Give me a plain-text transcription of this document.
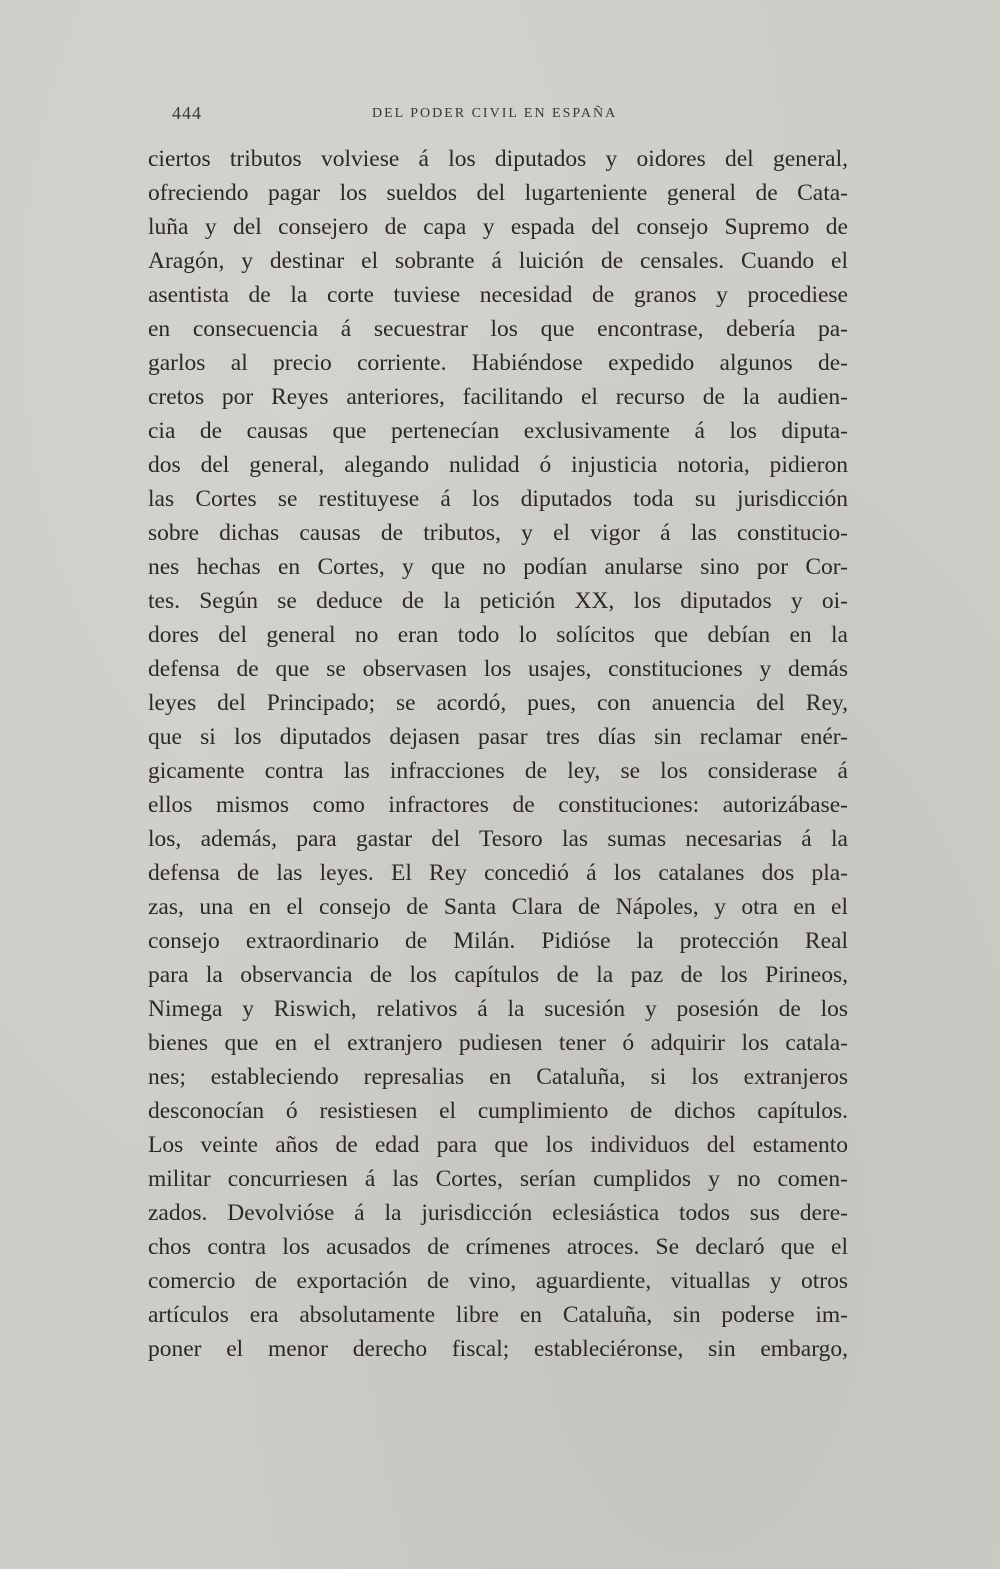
444	DEL PODER CIVIL EN ESPAÑA
ciertos tributos volviese á los diputados y oidores del general,
ofreciendo pagar los sueldos del lugarteniente general de Cata-
luña y del consejero de capa y espada del consejo Supremo de
Aragón, y destinar el sobrante á luición de censales. Cuando el
asentista de la corte tuviese necesidad de granos y procediese
en consecuencia á secuestrar los que encontrase, debería pa-
garlos al precio corriente. Habiéndose expedido algunos de-
cretos por Reyes anteriores, facilitando el recurso de la audien-
cia de causas que pertenecían exclusivamente á los diputa-
dos del general, alegando nulidad ó injusticia notoria, pidieron
las Cortes se restituyese á los diputados toda su jurisdicción
sobre dichas causas de tributos, y el vigor á las constitucio-
nes hechas en Cortes, y que no podían anularse sino por Cor-
tes. Según se deduce de la petición XX, los diputados y oi-
dores del general no eran todo lo solícitos que debían en la
defensa de que se observasen los usajes, constituciones y demás
leyes del Principado; se acordó, pues, con anuencia del Rey,
que si los diputados dejasen pasar tres días sin reclamar enér-
gicamente contra las infracciones de ley, se los considerase á
ellos mismos como infractores de constituciones: autorizábase-
los, además, para gastar del Tesoro las sumas necesarias á la
defensa de las leyes. El Rey concedió á los catalanes dos pla-
zas, una en el consejo de Santa Clara de Nápoles, y otra en el
consejo extraordinario de Milán. Pidióse la protección Real
para la observancia de los capítulos de la paz de los Pirineos,
Nimega y Riswich, relativos á la sucesión y posesión de los
bienes que en el extranjero pudiesen tener ó adquirir los catala-
nes; estableciendo represalias en Cataluña, si los extranjeros
desconocían ó resistiesen el cumplimiento de dichos capítulos.
Los veinte años de edad para que los individuos del estamento
militar concurriesen á las Cortes, serían cumplidos y no comen-
zados. Devolvióse á la jurisdicción eclesiástica todos sus dere-
chos contra los acusados de crímenes atroces. Se declaró que el
comercio de exportación de vino, aguardiente, vituallas y otros
artículos era absolutamente libre en Cataluña, sin poderse im-
poner el menor derecho fiscal; estableciéronse, sin embargo,
